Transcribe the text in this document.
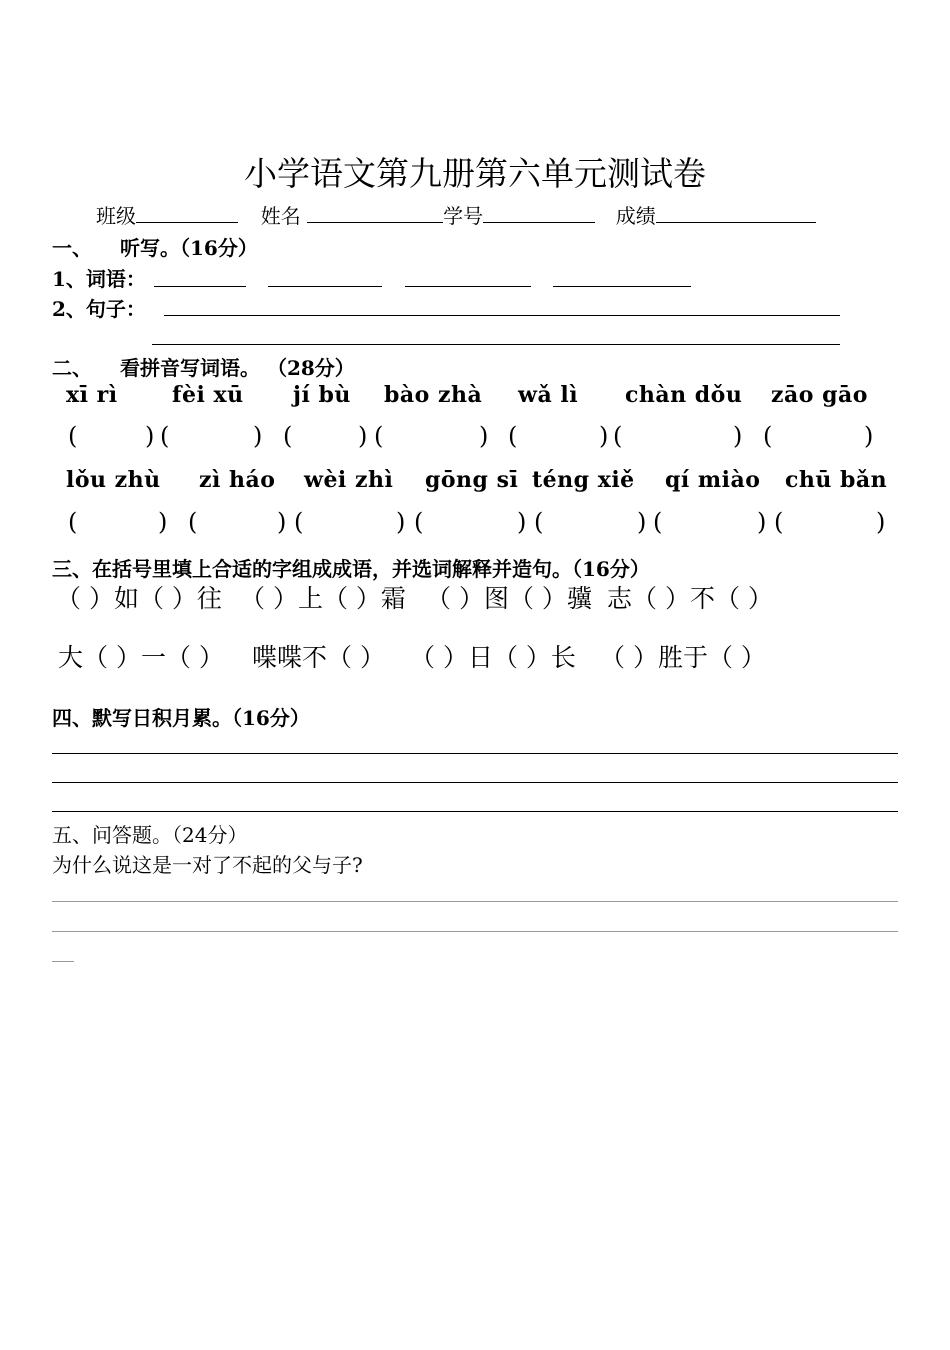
小学语文第九册第六单元测试卷
班级	姓名	学号	成绩
一、 听写。（16分）
1、词语：
2、句子：
二、 看拼音写词语。 （28分）
xī rì fèi xū jí bù bào zhà wǎ lì chàn dǒu zāo gāo
(	) (	) (	) (	) (	) (	) (	)
lǒu zhù zì háo wèi zhì gōng sī téng xiě qí miào chū bǎn
(	) (	) (	) (	) (	) (	) (	)
三、在括号里填上合适的字组成成语，并选词解释并造句。（16分）
（ ）如（ ）往 （ ）上（ ）霜 （ ）图（ ）骥 志（ ）不（ ）
大（ ）一（ ） 喋喋不（ ） （ ）日（ ）长 （ ）胜于（ ）
四、默写日积月累。（16分）
五、问答题。（24分）
为什么说这是一对了不起的父与子?
